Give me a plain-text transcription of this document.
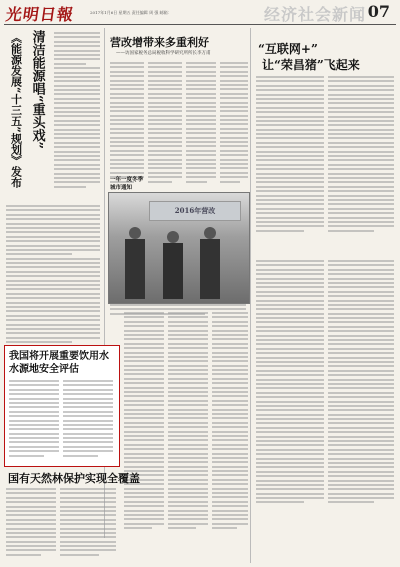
光明日報	2017年1月6日 星期五 责任编辑 周 强 邮箱：	经济社会新闻 07
清洁能源唱“重头戏”
《能源发展“十三五”规划》发布	营改增带来多重利好
——访国家税务总局税收科学研究所所长李万甫
一年一度冬季
城市通知
2016年营改
“互联网+”
让“荣昌猪”飞起来
我国将开展重要饮用水水源地安全评估
国有天然林保护实现全覆盖
